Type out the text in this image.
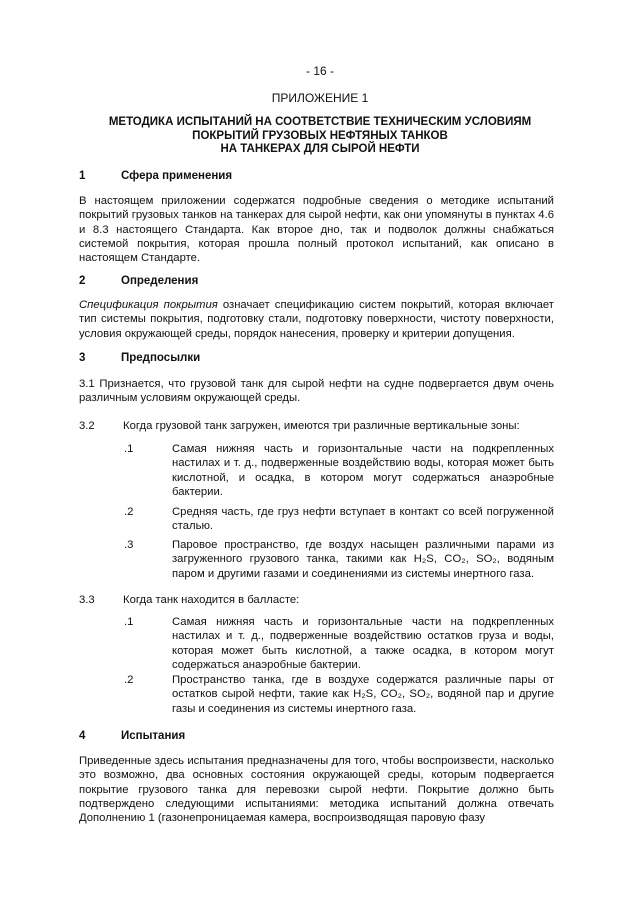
- 16 -
ПРИЛОЖЕНИЕ 1
МЕТОДИКА ИСПЫТАНИЙ НА СООТВЕТСТВИЕ ТЕХНИЧЕСКИМ УСЛОВИЯМ
ПОКРЫТИЙ ГРУЗОВЫХ НЕФТЯНЫХ ТАНКОВ
НА ТАНКЕРАХ ДЛЯ СЫРОЙ НЕФТИ
1	Сфера применения
В настоящем приложении содержатся подробные сведения о методике испытаний покрытий грузовых танков на танкерах для сырой нефти, как они упомянуты в пунктах 4.6 и 8.3 настоящего Стандарта. Как второе дно, так и подволок должны снабжаться системой покрытия, которая прошла полный протокол испытаний, как описано в настоящем Стандарте.
2	Определения
Спецификация покрытия означает спецификацию систем покрытий, которая включает тип системы покрытия, подготовку стали, подготовку поверхности, чистоту поверхности, условия окружающей среды, порядок нанесения, проверку и критерии допущения.
3	Предпосылки
3.1 Признается, что грузовой танк для сырой нефти на судне подвергается двум очень различным условиям окружающей среды.
3.2	Когда грузовой танк загружен, имеются три различные вертикальные зоны:
.1	Самая нижняя часть и горизонтальные части на подкрепленных настилах и т. д., подверженные воздействию воды, которая может быть кислотной, и осадка, в котором могут содержаться анаэробные бактерии.
.2	Средняя часть, где груз нефти вступает в контакт со всей погруженной сталью.
.3	Паровое пространство, где воздух насыщен различными парами из загруженного грузового танка, такими как H₂S, CO₂, SO₂, водяным паром и другими газами и соединениями из системы инертного газа.
3.3	Когда танк находится в балласте:
.1	Самая нижняя часть и горизонтальные части на подкрепленных настилах и т. д., подверженные воздействию остатков груза и воды, которая может быть кислотной, а также осадка, в котором могут содержаться анаэробные бактерии.
.2	Пространство танка, где в воздухе содержатся различные пары от остатков сырой нефти, такие как H₂S, CO₂, SO₂, водяной пар и другие газы и соединения из системы инертного газа.
4	Испытания
Приведенные здесь испытания предназначены для того, чтобы воспроизвести, насколько это возможно, два основных состояния окружающей среды, которым подвергается покрытие грузового танка для перевозки сырой нефти. Покрытие должно быть подтверждено следующими испытаниями: методика испытаний должна отвечать Дополнению 1 (газонепроницаемая камера, воспроизводящая паровую фазу
